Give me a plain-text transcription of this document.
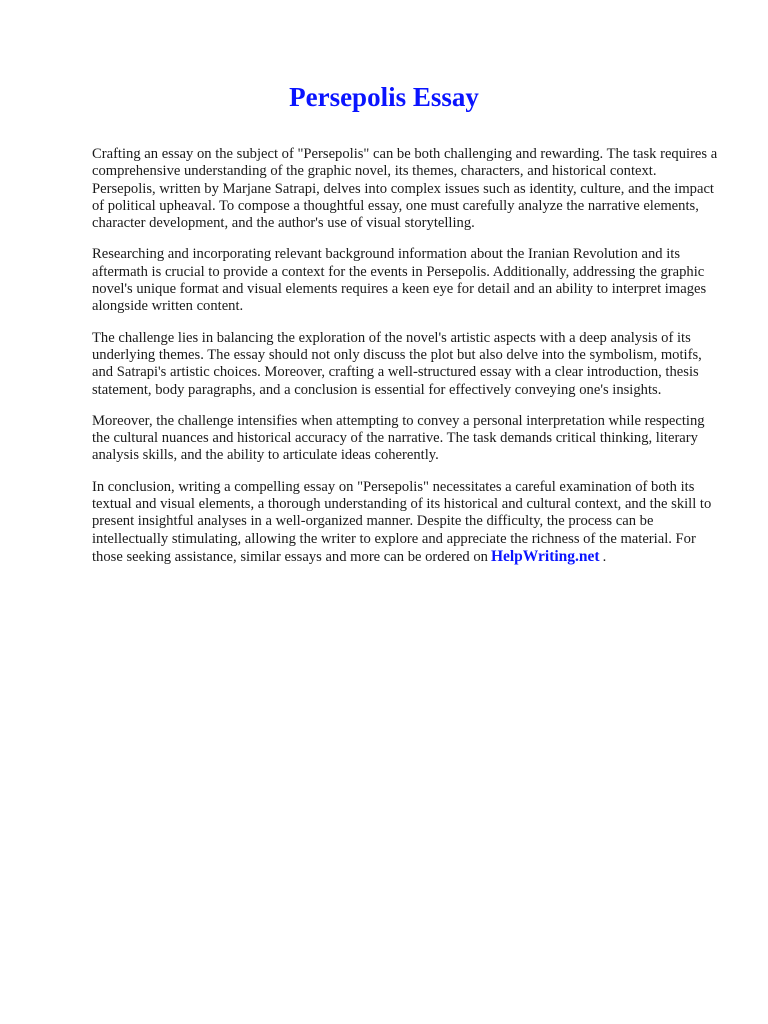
Persepolis Essay

Crafting an essay on the subject of "Persepolis" can be both challenging and rewarding. The task requires a comprehensive understanding of the graphic novel, its themes, characters, and historical context. Persepolis, written by Marjane Satrapi, delves into complex issues such as identity, culture, and the impact of political upheaval. To compose a thoughtful essay, one must carefully analyze the narrative elements, character development, and the author's use of visual storytelling.

Researching and incorporating relevant background information about the Iranian Revolution and its aftermath is crucial to provide a context for the events in Persepolis. Additionally, addressing the graphic novel's unique format and visual elements requires a keen eye for detail and an ability to interpret images alongside written content.

The challenge lies in balancing the exploration of the novel's artistic aspects with a deep analysis of its underlying themes. The essay should not only discuss the plot but also delve into the symbolism, motifs, and Satrapi's artistic choices. Moreover, crafting a well-structured essay with a clear introduction, thesis statement, body paragraphs, and a conclusion is essential for effectively conveying one's insights.

Moreover, the challenge intensifies when attempting to convey a personal interpretation while respecting the cultural nuances and historical accuracy of the narrative. The task demands critical thinking, literary analysis skills, and the ability to articulate ideas coherently.

In conclusion, writing a compelling essay on "Persepolis" necessitates a careful examination of both its textual and visual elements, a thorough understanding of its historical and cultural context, and the skill to present insightful analyses in a well-organized manner. Despite the difficulty, the process can be intellectually stimulating, allowing the writer to explore and appreciate the richness of the material. For those seeking assistance, similar essays and more can be ordered on HelpWriting.net .
